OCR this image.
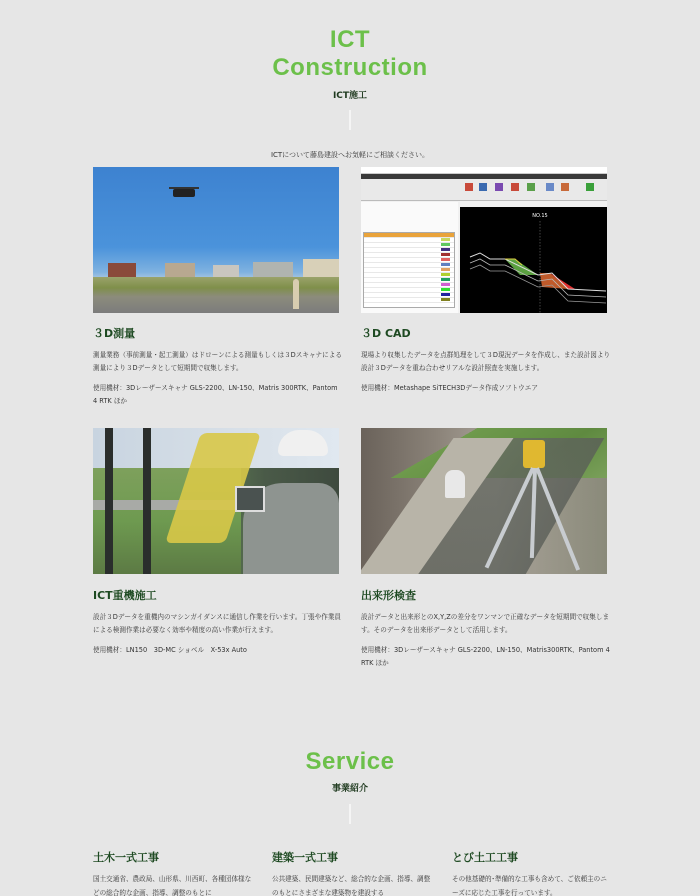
ICT
Construction
ICT施工
ICTについて藤島建設へお気軽にご相談ください。
３D測量
測量業務（事前測量・起工測量）はドローンによる測量もしくは３Dスキャナによる測量により３Dデータとして短期間で収集します。
使用機材：3Dレーザースキャナ GLS-2200、LN-150、Matris 300RTK、Pantom 4 RTK ほか
NO.15
３D CAD
現場より収集したデータを点群処理をして３D現況データを作成し、また設計図より設計３Dデータを重ね合わせリアルな設計照査を実施します。
使用機材：Metashape SiTECH3Dデータ作成ソフトウエア
ICT重機施工
設計３Dデータを重機内のマシンガイダンスに通信し作業を行います。丁張や作業員による検測作業は必要なく効率や精度の高い作業が行えます。
使用機材：LN150　3D-MC ショベル　X-53x Auto
出来形検査
設計データと出来形とのX,Y,Zの差分をワンマンで正確なデータを短期間で収集します。そのデータを出来形データとして活用します。
使用機材：3Dレーザースキャナ GLS-2200、LN-150、Matris300RTK、Pantom 4 RTK ほか
Service
事業紹介
土木一式工事
国土交通省、農政局、山形県、川西町、各種団体様などの総合的な企画、指導、調整のもとに
建築一式工事
公共建築、民間建築など、総合的な企画、指導、調整のもとにさまざまな建築物を建設する
とび土工工事
その他基礎的･準備的な工事も含めて、ご依頼主のニーズに応じた工事を行っています。
